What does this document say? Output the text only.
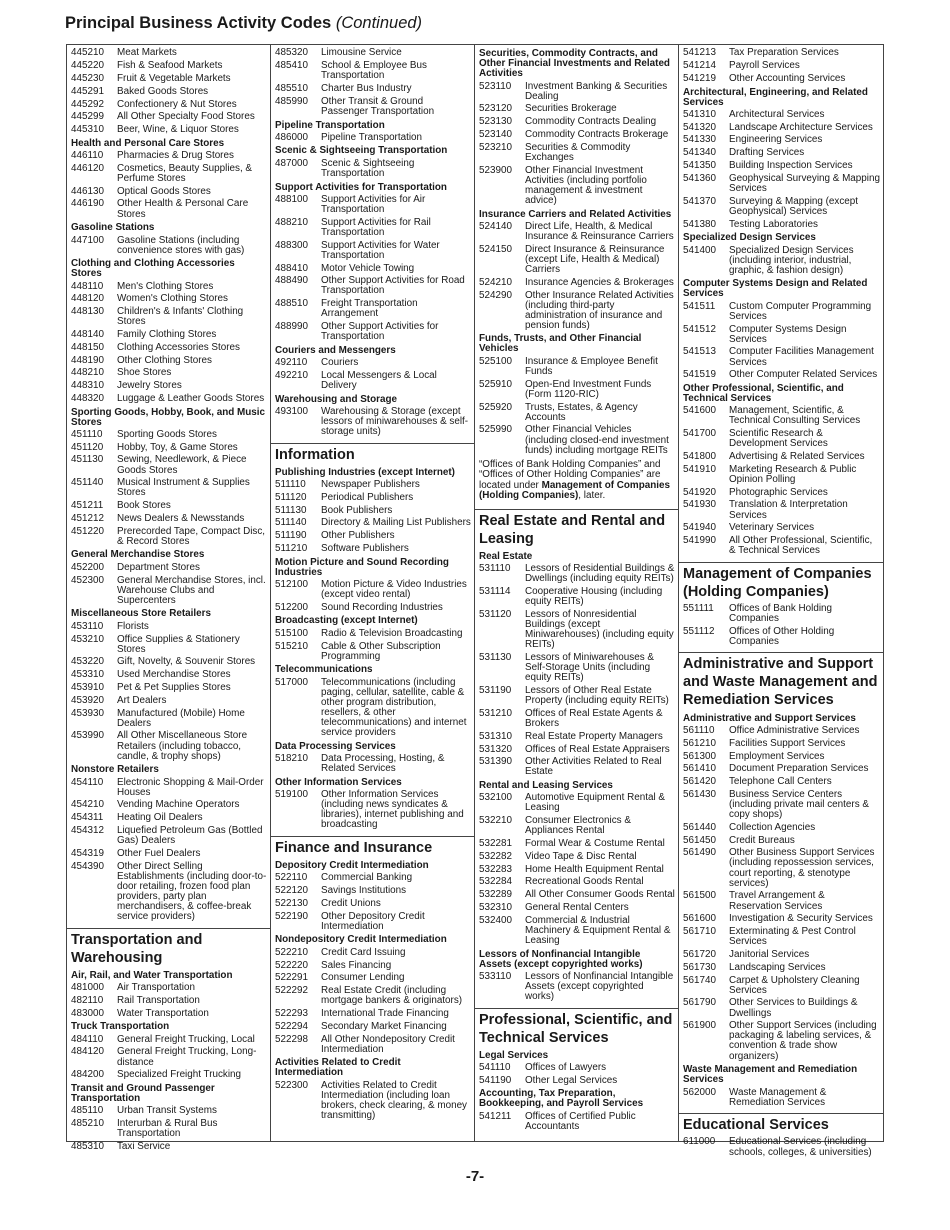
Principal Business Activity Codes (Continued)
445210	Meat Markets
445220	Fish & Seafood Markets
445230	Fruit & Vegetable Markets
445291	Baked Goods Stores
445292	Confectionery & Nut Stores
445299	All Other Specialty Food Stores
445310	Beer, Wine, & Liquor Stores
Health and Personal Care Stores
446110	Pharmacies & Drug Stores
446120	Cosmetics, Beauty Supplies, & Perfume Stores
446130	Optical Goods Stores
446190	Other Health & Personal Care Stores
Gasoline Stations
447100	Gasoline Stations (including convenience stores with gas)
Clothing and Clothing Accessories Stores
448110	Men's Clothing Stores
448120	Women's Clothing Stores
448130	Children's & Infants' Clothing Stores
448140	Family Clothing Stores
448150	Clothing Accessories Stores
448190	Other Clothing Stores
448210	Shoe Stores
448310	Jewelry Stores
448320	Luggage & Leather Goods Stores
Sporting Goods, Hobby, Book, and Music Stores
451110	Sporting Goods Stores
451120	Hobby, Toy, & Game Stores
451130	Sewing, Needlework, & Piece Goods Stores
451140	Musical Instrument & Supplies Stores
451211	Book Stores
451212	News Dealers & Newsstands
451220	Prerecorded Tape, Compact Disc, & Record Stores
General Merchandise Stores
452200	Department Stores
452300	General Merchandise Stores, incl. Warehouse Clubs and Supercenters
Miscellaneous Store Retailers
453110	Florists
453210	Office Supplies & Stationery Stores
453220	Gift, Novelty, & Souvenir Stores
453310	Used Merchandise Stores
453910	Pet & Pet Supplies Stores
453920	Art Dealers
453930	Manufactured (Mobile) Home Dealers
453990	All Other Miscellaneous Store Retailers (including tobacco, candle, & trophy shops)
Nonstore Retailers
454110	Electronic Shopping & Mail-Order Houses
454210	Vending Machine Operators
454311	Heating Oil Dealers
454312	Liquefied Petroleum Gas (Bottled Gas) Dealers
454319	Other Fuel Dealers
454390	Other Direct Selling Establishments (including door-to-door retailing, frozen food plan providers, party plan merchandisers, & coffee-break service providers)
Transportation and Warehousing
Air, Rail, and Water Transportation
481000	Air Transportation
482110	Rail Transportation
483000	Water Transportation
Truck Transportation
484110	General Freight Trucking, Local
484120	General Freight Trucking, Long-distance
484200	Specialized Freight Trucking
Transit and Ground Passenger Transportation
485110	Urban Transit Systems
485210	Interurban & Rural Bus Transportation
485310	Taxi Service
485320	Limousine Service
485410	School & Employee Bus Transportation
485510	Charter Bus Industry
485990	Other Transit & Ground Passenger Transportation
Pipeline Transportation
486000	Pipeline Transportation
Scenic & Sightseeing Transportation
487000	Scenic & Sightseeing Transportation
Support Activities for Transportation
488100	Support Activities for Air Transportation
488210	Support Activities for Rail Transportation
488300	Support Activities for Water Transportation
488410	Motor Vehicle Towing
488490	Other Support Activities for Road Transportation
488510	Freight Transportation Arrangement
488990	Other Support Activities for Transportation
Couriers and Messengers
492110	Couriers
492210	Local Messengers & Local Delivery
Warehousing and Storage
493100	Warehousing & Storage (except lessors of miniwarehouses & self-storage units)
Information
Publishing Industries (except Internet)
511110	Newspaper Publishers
511120	Periodical Publishers
511130	Book Publishers
511140	Directory & Mailing List Publishers
511190	Other Publishers
511210	Software Publishers
Motion Picture and Sound Recording Industries
512100	Motion Picture & Video Industries (except video rental)
512200	Sound Recording Industries
Broadcasting (except Internet)
515100	Radio & Television Broadcasting
515210	Cable & Other Subscription Programming
Telecommunications
517000	Telecommunications (including paging, cellular, satellite, cable & other program distribution, resellers, & other telecommunications) and internet service providers
Data Processing Services
518210	Data Processing, Hosting, & Related Services
Other Information Services
519100	Other Information Services (including news syndicates & libraries), internet publishing and broadcasting
Finance and Insurance
Depository Credit Intermediation
522110	Commercial Banking
522120	Savings Institutions
522130	Credit Unions
522190	Other Depository Credit Intermediation
Nondepository Credit Intermediation
522210	Credit Card Issuing
522220	Sales Financing
522291	Consumer Lending
522292	Real Estate Credit (including mortgage bankers & originators)
522293	International Trade Financing
522294	Secondary Market Financing
522298	All Other Nondepository Credit Intermediation
Activities Related to Credit Intermediation
522300	Activities Related to Credit Intermediation (including loan brokers, check clearing, & money transmitting)
Securities, Commodity Contracts, and Other Financial Investments and Related Activities
523110	Investment Banking & Securities Dealing
523120	Securities Brokerage
523130	Commodity Contracts Dealing
523140	Commodity Contracts Brokerage
523210	Securities & Commodity Exchanges
523900	Other Financial Investment Activities (including portfolio management & investment advice)
Insurance Carriers and Related Activities
524140	Direct Life, Health, & Medical Insurance & Reinsurance Carriers
524150	Direct Insurance & Reinsurance (except Life, Health & Medical) Carriers
524210	Insurance Agencies & Brokerages
524290	Other Insurance Related Activities (including third-party administration of insurance and pension funds)
Funds, Trusts, and Other Financial Vehicles
525100	Insurance & Employee Benefit Funds
525910	Open-End Investment Funds (Form 1120-RIC)
525920	Trusts, Estates, & Agency Accounts
525990	Other Financial Vehicles (including closed-end investment funds) including mortgage REITs
“Offices of Bank Holding Companies” and “Offices of Other Holding Companies” are located under Management of Companies (Holding Companies), later.
Real Estate and Rental and Leasing
Real Estate
531110	Lessors of Residential Buildings & Dwellings (including equity REITs)
531114	Cooperative Housing (including equity REITs)
531120	Lessors of Nonresidential Buildings (except Miniwarehouses) (including equity REITs)
531130	Lessors of Miniwarehouses & Self-Storage Units (including equity REITs)
531190	Lessors of Other Real Estate Property (including equity REITs)
531210	Offices of Real Estate Agents & Brokers
531310	Real Estate Property Managers
531320	Offices of Real Estate Appraisers
531390	Other Activities Related to Real Estate
Rental and Leasing Services
532100	Automotive Equipment Rental & Leasing
532210	Consumer Electronics & Appliances Rental
532281	Formal Wear & Costume Rental
532282	Video Tape & Disc Rental
532283	Home Health Equipment Rental
532284	Recreational Goods Rental
532289	All Other Consumer Goods Rental
532310	General Rental Centers
532400	Commercial & Industrial Machinery & Equipment Rental & Leasing
Lessors of Nonfinancial Intangible Assets (except copyrighted works)
533110	Lessors of Nonfinancial Intangible Assets (except copyrighted works)
Professional, Scientific, and Technical Services
Legal Services
541110	Offices of Lawyers
541190	Other Legal Services
Accounting, Tax Preparation, Bookkeeping, and Payroll Services
541211	Offices of Certified Public Accountants
541213	Tax Preparation Services
541214	Payroll Services
541219	Other Accounting Services
Architectural, Engineering, and Related Services
541310	Architectural Services
541320	Landscape Architecture Services
541330	Engineering Services
541340	Drafting Services
541350	Building Inspection Services
541360	Geophysical Surveying & Mapping Services
541370	Surveying & Mapping (except Geophysical) Services
541380	Testing Laboratories
Specialized Design Services
541400	Specialized Design Services (including interior, industrial, graphic, & fashion design)
Computer Systems Design and Related Services
541511	Custom Computer Programming Services
541512	Computer Systems Design Services
541513	Computer Facilities Management Services
541519	Other Computer Related Services
Other Professional, Scientific, and Technical Services
541600	Management, Scientific, & Technical Consulting Services
541700	Scientific Research & Development Services
541800	Advertising & Related Services
541910	Marketing Research & Public Opinion Polling
541920	Photographic Services
541930	Translation & Interpretation Services
541940	Veterinary Services
541990	All Other Professional, Scientific, & Technical Services
Management of Companies (Holding Companies)
551111	Offices of Bank Holding Companies
551112	Offices of Other Holding Companies
Administrative and Support and Waste Management and Remediation Services
Administrative and Support Services
561110	Office Administrative Services
561210	Facilities Support Services
561300	Employment Services
561410	Document Preparation Services
561420	Telephone Call Centers
561430	Business Service Centers (including private mail centers & copy shops)
561440	Collection Agencies
561450	Credit Bureaus
561490	Other Business Support Services (including repossession services, court reporting, & stenotype services)
561500	Travel Arrangement & Reservation Services
561600	Investigation & Security Services
561710	Exterminating & Pest Control Services
561720	Janitorial Services
561730	Landscaping Services
561740	Carpet & Upholstery Cleaning Services
561790	Other Services to Buildings & Dwellings
561900	Other Support Services (including packaging & labeling services, & convention & trade show organizers)
Waste Management and Remediation Services
562000	Waste Management & Remediation Services
Educational Services
611000	Educational Services (including schools, colleges, & universities)
-7-
